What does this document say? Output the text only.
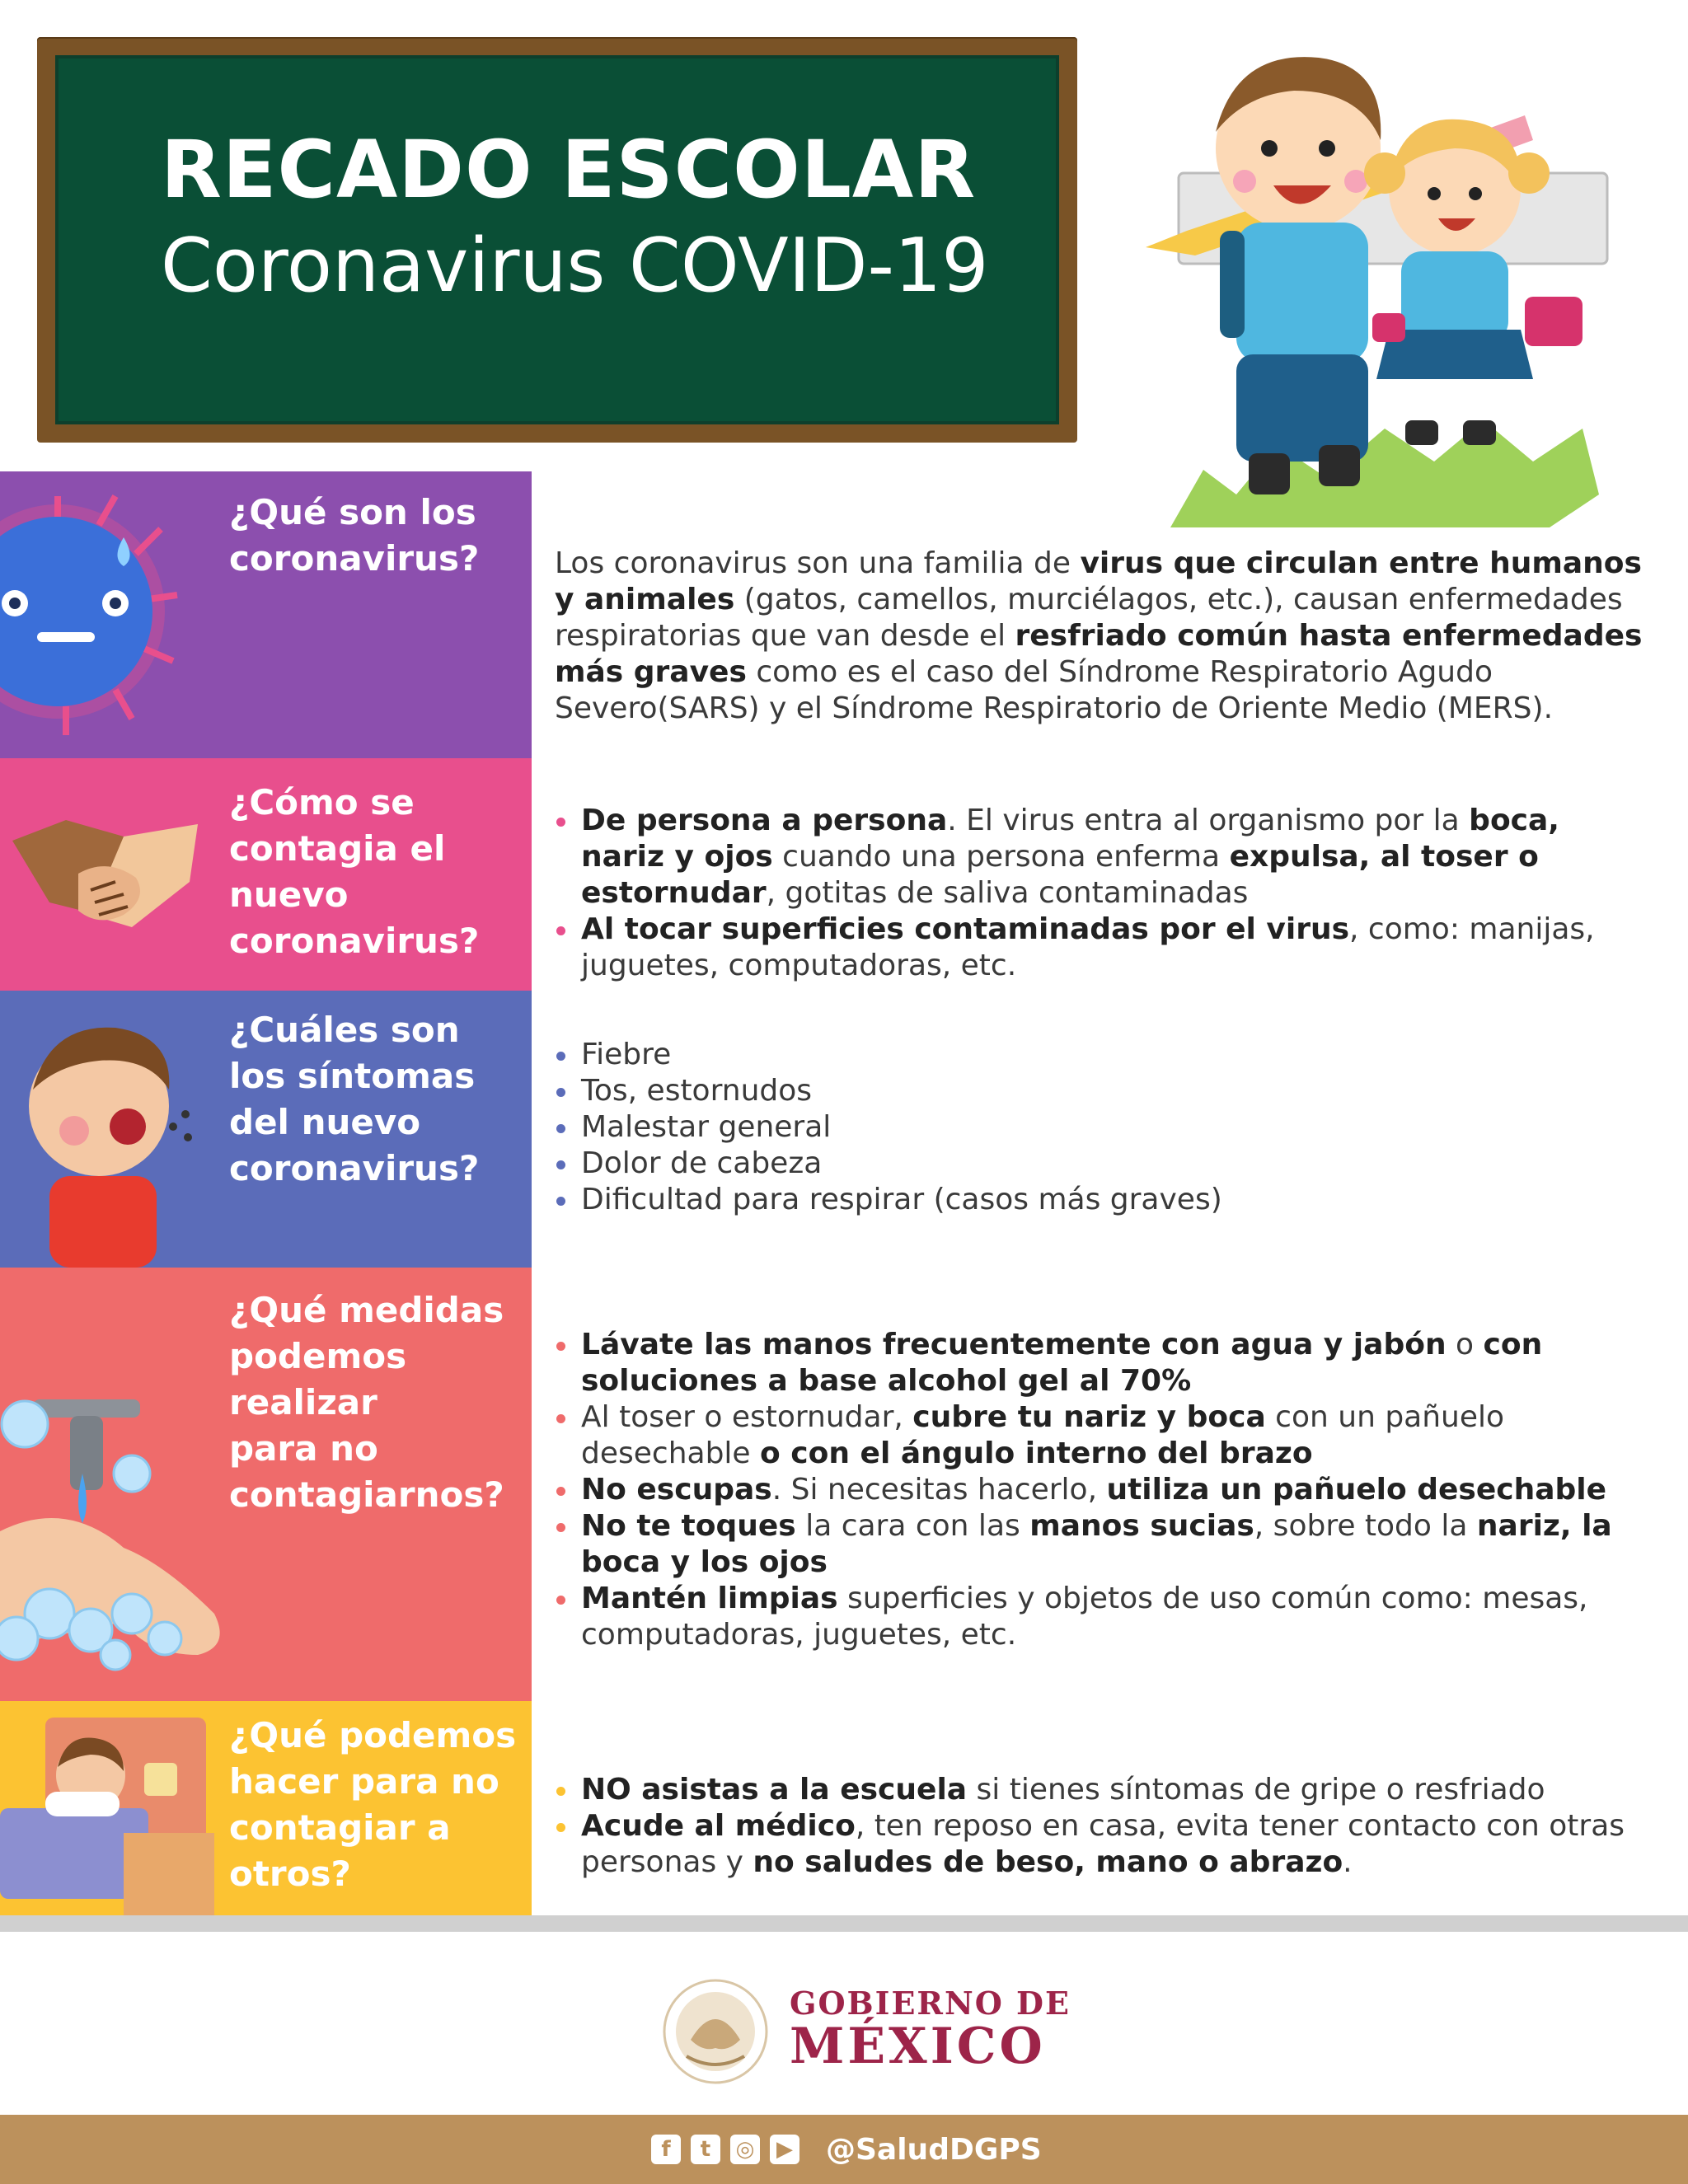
RECADO ESCOLAR
Coronavirus COVID-19
¿Qué son los
coronavirus?	Los coronavirus son una familia de virus que circulan entre humanos y animales (gatos, camellos, murciélagos, etc.), causan enfermedades respiratorias que van desde el resfriado común hasta enfermedades más graves como es el caso del Síndrome Respiratorio Agudo Severo(SARS) y el Síndrome Respiratorio de Oriente Medio (MERS).
¿Cómo se
contagia el
nuevo
coronavirus?
De persona a persona. El virus entra al organismo por la boca, nariz y ojos cuando una persona enferma expulsa, al toser o estornudar, gotitas de saliva contaminadas
Al tocar superficies contaminadas por el virus, como: manijas, juguetes, computadoras, etc.
¿Cuáles son
los síntomas
del nuevo
coronavirus?
Fiebre
Tos, estornudos
Malestar general
Dolor de cabeza
Dificultad para respirar (casos más graves)
¿Qué medidas
podemos
realizar
para no
contagiarnos?
Lávate las manos frecuentemente con agua y jabón o con soluciones a base alcohol gel al 70%
Al toser o estornudar, cubre tu nariz y boca con un pañuelo desechable o con el ángulo interno del brazo
No escupas. Si necesitas hacerlo, utiliza un pañuelo desechable
No te toques la cara con las manos sucias, sobre todo la nariz, la boca y los ojos
Mantén limpias superficies y objetos de uso común como: mesas, computadoras, juguetes, etc.
¿Qué podemos
hacer para no
contagiar a
otros?
NO asistas a la escuela si tienes síntomas de gripe o resfriado
Acude al médico, ten reposo en casa, evita tener contacto con otras personas y no saludes de beso, mano o abrazo.
GOBIERNO DE
MÉXICO
f	t	◎	▶ @SaludDGPS
